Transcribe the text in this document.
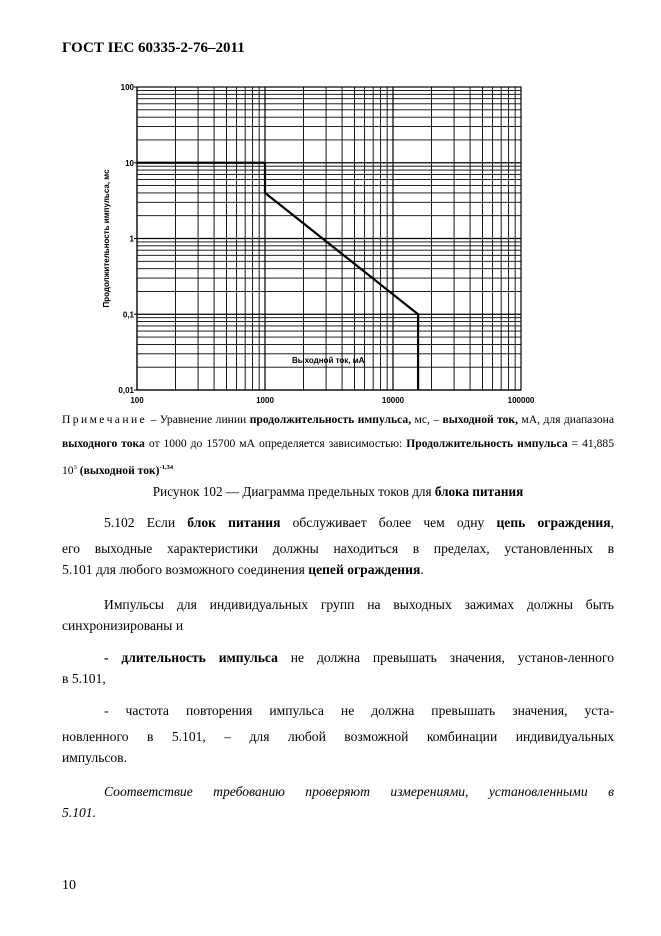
ГОСТ IEC 60335-2-76–2011
100	1000	10000	100000
100
10
1
0,1
0,01
Выходной ток, мА
Продолжительность импульса, мс
Примечание – Уравнение линии продолжительность импульса, мс, – выходной ток, мА, для диапазона выходного тока от 1000 до 15700 мА определяется зависимостью: Продолжительность импульса = 41,885 $10^3$ (выходной ток)$^{-1,34}$
Рисунок 102 — Диаграмма предельных токов для блока питания
5.102 Если блок питания обслуживает более чем одну цепь ограждения,
его выходные характеристики должны находиться в пределах, установленных в
5.101 для любого возможного соединения цепей ограждения.
Импульсы для индивидуальных групп на выходных зажимах должны быть
синхронизированы и
- длительность импульса не должна превышать значения, установ-ленного
в 5.101,
- частота повторения импульса не должна превышать значения, уста-
новленного в 5.101, – для любой возможной комбинации индивидуальных
импульсов.
Соответствие требованию проверяют измерениями, установленными в
5.101.
10
